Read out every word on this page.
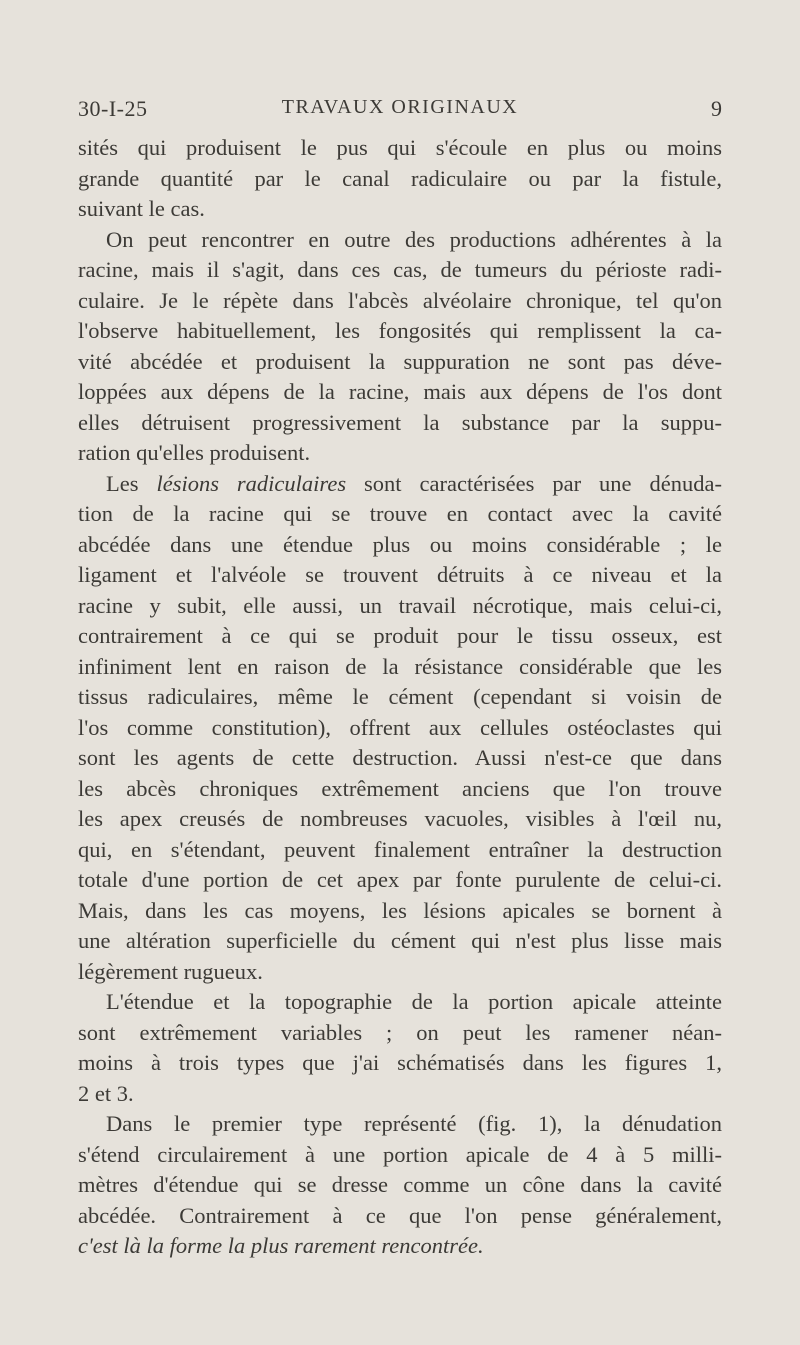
30-I-25	TRAVAUX ORIGINAUX	9
sités qui produisent le pus qui s'écoule en plus ou moins
grande quantité par le canal radiculaire ou par la fistule,
suivant le cas.
On peut rencontrer en outre des productions adhérentes à la
racine, mais il s'agit, dans ces cas, de tumeurs du périoste radi-
culaire. Je le répète dans l'abcès alvéolaire chronique, tel qu'on
l'observe habituellement, les fongosités qui remplissent la ca-
vité abcédée et produisent la suppuration ne sont pas déve-
loppées aux dépens de la racine, mais aux dépens de l'os dont
elles détruisent progressivement la substance par la suppu-
ration qu'elles produisent.
Les lésions radiculaires sont caractérisées par une dénuda-
tion de la racine qui se trouve en contact avec la cavité
abcédée dans une étendue plus ou moins considérable ; le
ligament et l'alvéole se trouvent détruits à ce niveau et la
racine y subit, elle aussi, un travail nécrotique, mais celui-ci,
contrairement à ce qui se produit pour le tissu osseux, est
infiniment lent en raison de la résistance considérable que les
tissus radiculaires, même le cément (cependant si voisin de
l'os comme constitution), offrent aux cellules ostéoclastes qui
sont les agents de cette destruction. Aussi n'est-ce que dans
les abcès chroniques extrêmement anciens que l'on trouve
les apex creusés de nombreuses vacuoles, visibles à l'œil nu,
qui, en s'étendant, peuvent finalement entraîner la destruction
totale d'une portion de cet apex par fonte purulente de celui-ci.
Mais, dans les cas moyens, les lésions apicales se bornent à
une altération superficielle du cément qui n'est plus lisse mais
légèrement rugueux.
L'étendue et la topographie de la portion apicale atteinte
sont extrêmement variables ; on peut les ramener néan-
moins à trois types que j'ai schématisés dans les figures 1,
2 et 3.
Dans le premier type représenté (fig. 1), la dénudation
s'étend circulairement à une portion apicale de 4 à 5 milli-
mètres d'étendue qui se dresse comme un cône dans la cavité
abcédée. Contrairement à ce que l'on pense généralement,
c'est là la forme la plus rarement rencontrée.
